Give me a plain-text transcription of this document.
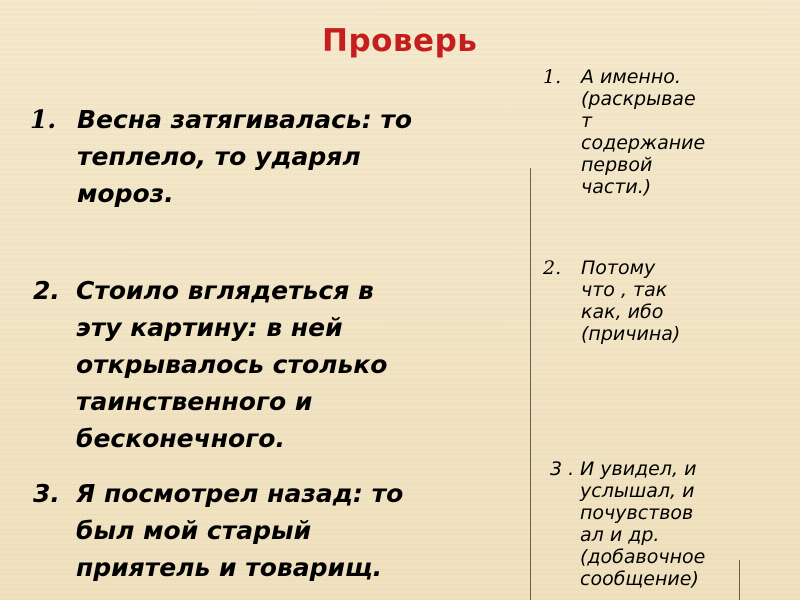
Проверь
1. Весна затягивалась: то
теплело, то ударял
мороз.
2. Стоило вглядеться в
эту картину: в ней
открывалось столько
таинственного и
бесконечного.
3. Я посмотрел назад: то
был мой старый
приятель и товарищ.
1.	А именно.
(раскрывае
т
содержание
первой
части.)
2.	Потому
что , так
как, ибо
(причина)
3 . И увидел, и
услышал, и
почувствов
ал и др.
(добавочное
сообщение)
